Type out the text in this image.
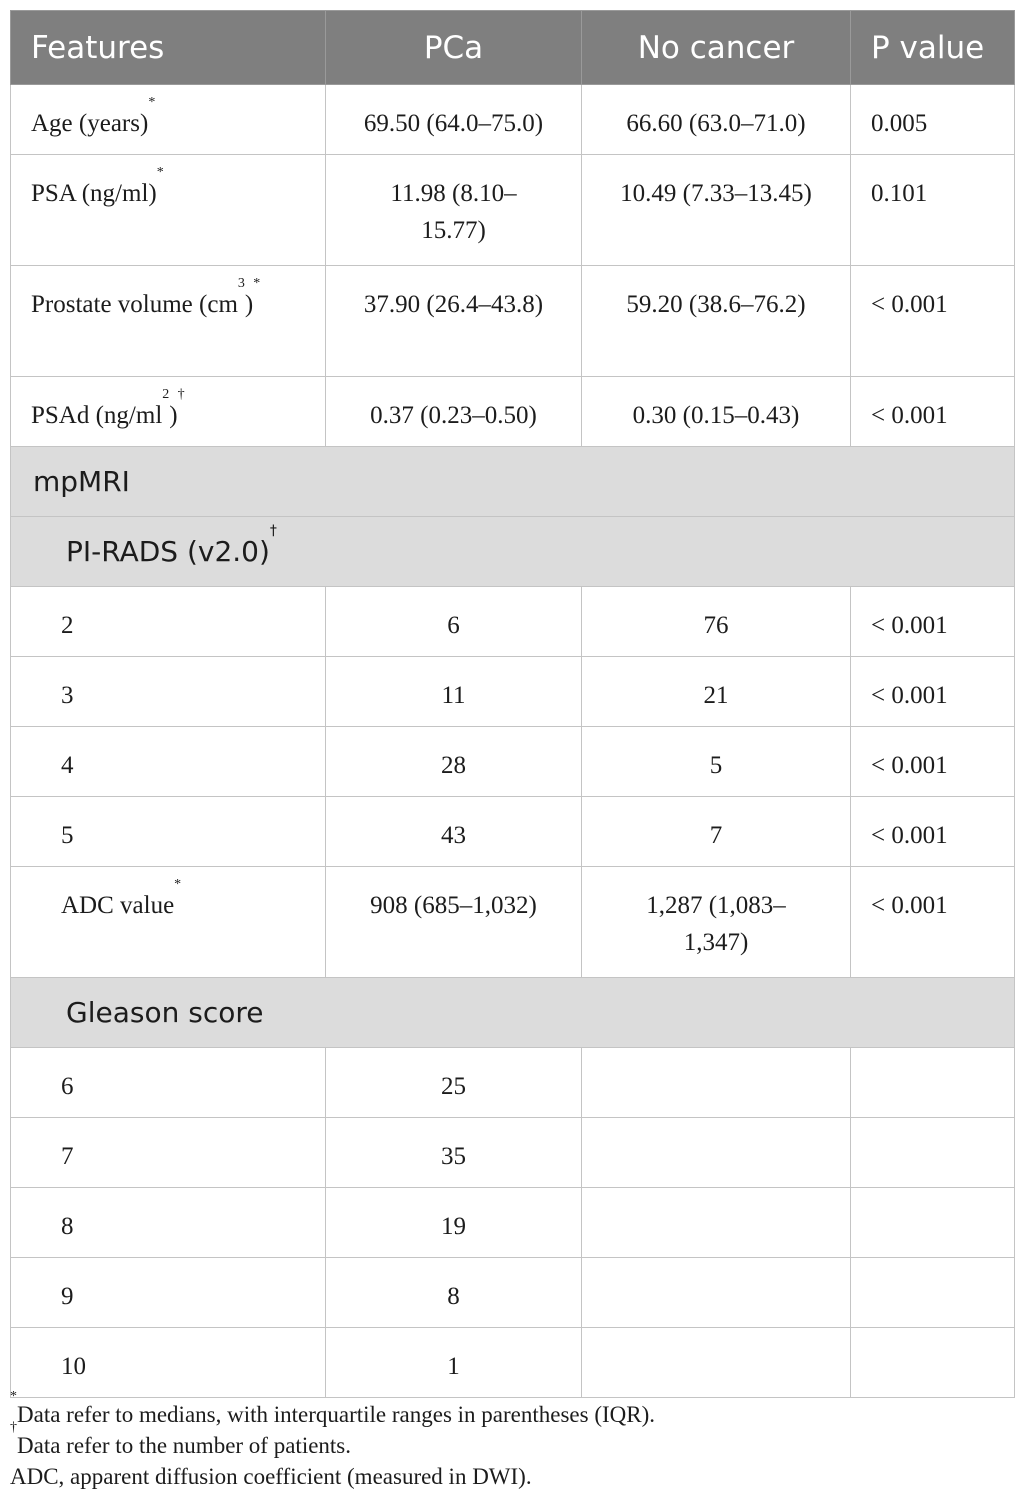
Features	PCa	No cancer	P value
Age (years)*	69.50 (64.0–75.0)	66.60 (63.0–71.0)	0.005
PSA (ng/ml)*	11.98 (8.10–15.77)	10.49 (7.33–13.45)	0.101
Prostate volume $(cm^3)^*$	37.90 (26.4–43.8)	59.20 (38.6–76.2)	< 0.001
PSAd $(ng/ml^2)^\dagger$	0.37 (0.23–0.50)	0.30 (0.15–0.43)	< 0.001
mpMRI			
PI-RADS (v2.0)†
2	6	76	< 0.001
3	11	21	< 0.001
4	28	5	< 0.001
5	43	7	< 0.001
ADC value*	908 (685–1,032)	1,287 (1,083–1,347)	< 0.001
Gleason score			
6	25		
7	35		
8	19		
9	8		
10	1		

*Data refer to medians, with interquartile ranges in parentheses (IQR).

†Data refer to the number of patients.

ADC, apparent diffusion coefficient (measured in DWI).
